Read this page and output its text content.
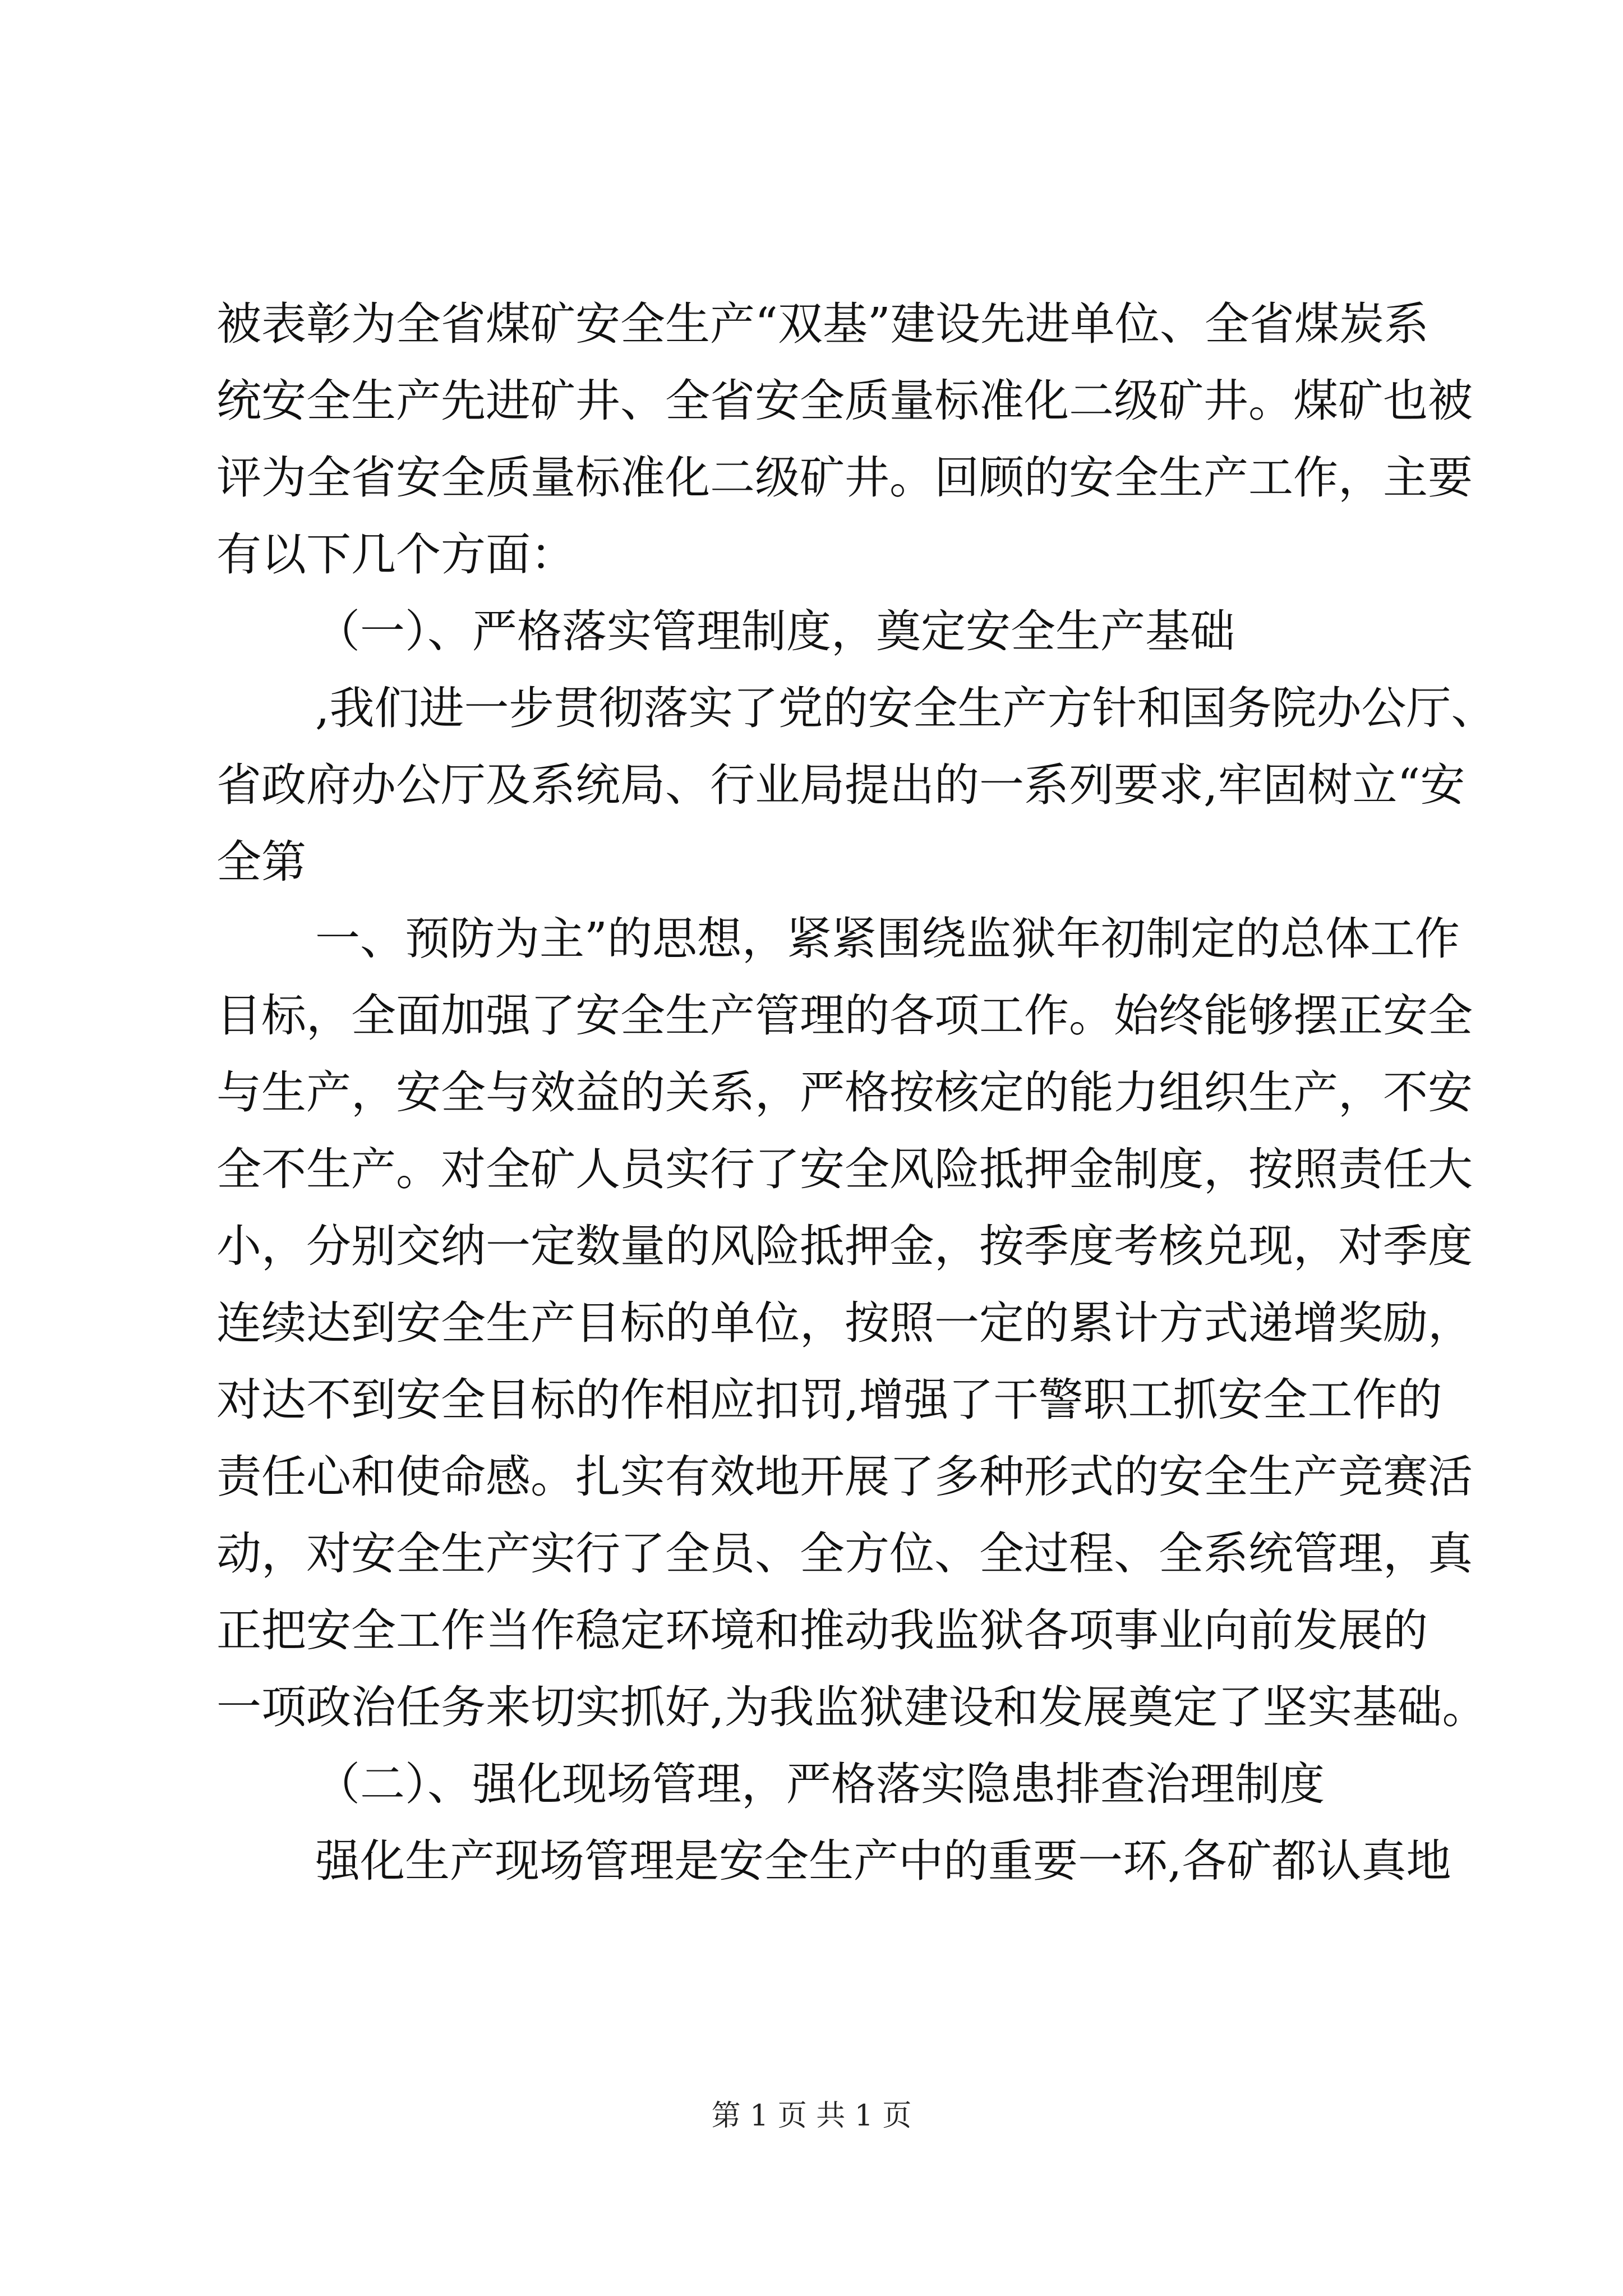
被 表 彰 为 全 省 煤 矿 安 全 生 产 “ 双 基 ” 建 设 先 进 单 位 、 全 省 煤 炭 系
统 安 全 生 产 先 进 矿 井 、 全 省 安 全 质 量 标 准 化 二 级 矿 井 。 煤 矿 也 被
评 为 全 省 安 全 质 量 标 准 化 二 级 矿 井 。 回 顾 的 安 全 生 产 工 作 ， 主 要
有以下几个方面：
（一）、严格落实管理制度，奠定安全生产基础
, 我 们 进 一 步 贯 彻 落 实 了 党 的 安 全 生 产 方 针 和 国 务 院 办 公 厅 、
省 政 府 办 公 厅 及 系 统 局 、 行 业 局 提 出 的 一 系 列 要 求 , 牢 固 树 立 “ 安
全第
一 、 预 防 为 主 ” 的 思 想 ， 紧 紧 围 绕 监 狱 年 初 制 定 的 总 体 工 作
目 标 ， 全 面 加 强 了 安 全 生 产 管 理 的 各 项 工 作 。 始 终 能 够 摆 正 安 全
与 生 产 ， 安 全 与 效 益 的 关 系 ， 严 格 按 核 定 的 能 力 组 织 生 产 ， 不 安
全 不 生 产 。 对 全 矿 人 员 实 行 了 安 全 风 险 抵 押 金 制 度 ， 按 照 责 任 大
小 ， 分 别 交 纳 一 定 数 量 的 风 险 抵 押 金 ， 按 季 度 考 核 兑 现 ， 对 季 度
连 续 达 到 安 全 生 产 目 标 的 单 位 ， 按 照 一 定 的 累 计 方 式 递 增 奖 励 ，
对 达 不 到 安 全 目 标 的 作 相 应 扣 罚 , 增 强 了 干 警 职 工 抓 安 全 工 作 的
责 任 心 和 使 命 感 。 扎 实 有 效 地 开 展 了 多 种 形 式 的 安 全 生 产 竞 赛 活
动 ， 对 安 全 生 产 实 行 了 全 员 、 全 方 位 、 全 过 程 、 全 系 统 管 理 ， 真
正 把 安 全 工 作 当 作 稳 定 环 境 和 推 动 我 监 狱 各 项 事 业 向 前 发 展 的
一 项 政 治 任 务 来 切 实 抓 好 , 为 我 监 狱 建 设 和 发 展 奠 定 了 坚 实 基 础 。
（二）、强化现场管理，严格落实隐患排查治理制度
强 化 生 产 现 场 管 理 是 安 全 生 产 中 的 重 要 一 环 , 各 矿 都 认 真 地
第 1 页 共 1 页
